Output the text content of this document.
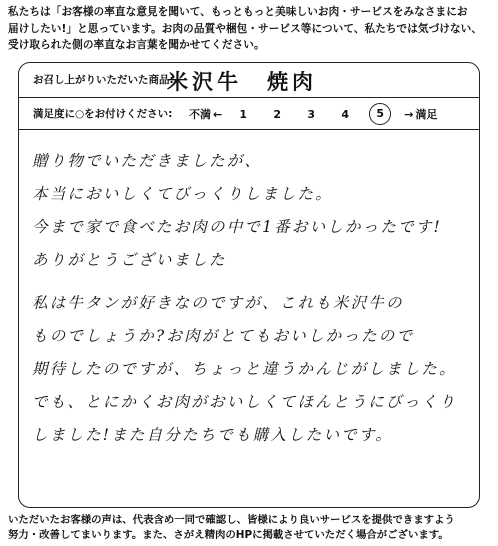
私たちは「お客様の率直な意見を聞いて、もっともっと美味しいお肉・サービスをみなさまにお
届けしたい!」と思っています。お肉の品質や梱包・サービス等について、私たちでは気づけない、
受け取られた側の率直なお言葉を聞かせてください。
お召し上がりいただいた商品:
米沢牛　焼肉
満足度に○をお付けください: 不満 ←	1	2	3	4	5	→ 満足
贈り物でいただきましたが、
本当においしくてびっくりしました。
今まで家で食べたお肉の中で1番おいしかったです!
ありがとうございました
私は牛タンが好きなのですが、これも米沢牛の
ものでしょうか?お肉がとてもおいしかったので
期待したのですが、ちょっと違うかんじがしました。
でも、とにかくお肉がおいしくてほんとうにびっくり
しました!また自分たちでも購入したいです。
いただいたお客様の声は、代表含め一同で確認し、皆様により良いサービスを提供できますよう
努力・改善してまいります。また、さがえ精肉のHPに掲載させていただく場合がございます。
